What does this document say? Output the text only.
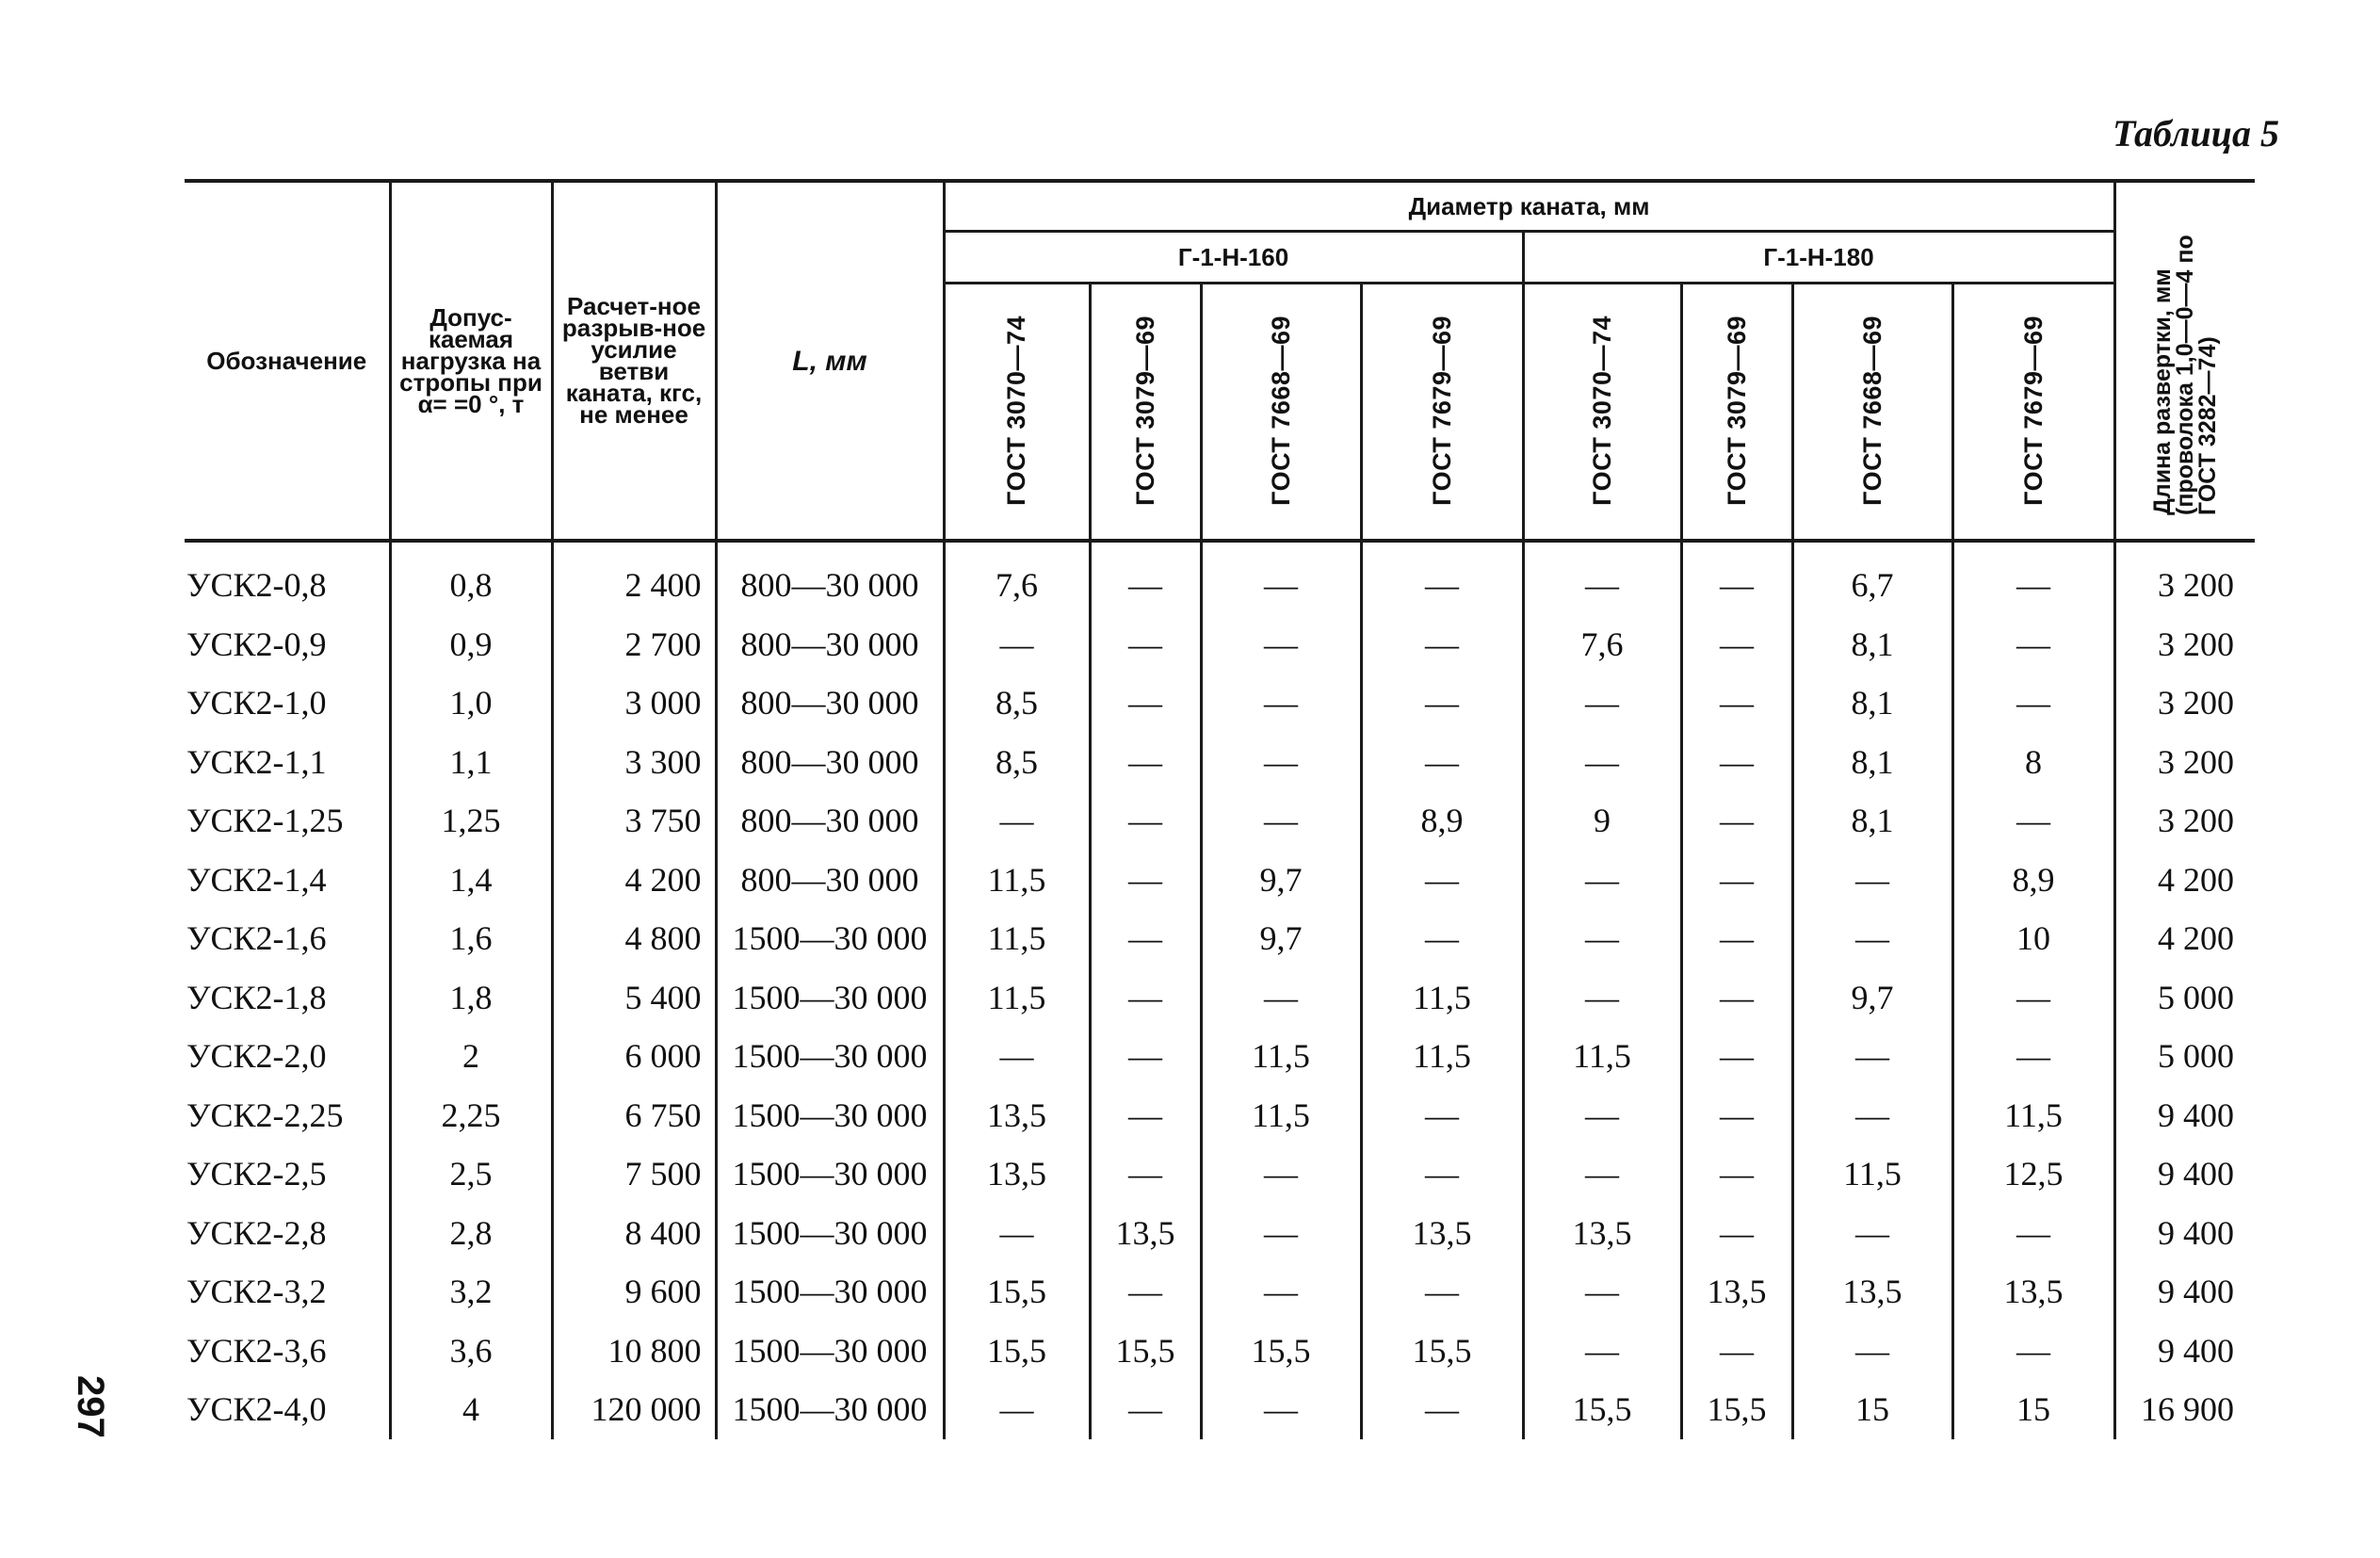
Таблица 5
297
Обозначение	Допус-каемая нагрузка на стропы при α= =0 °, т	Расчет-ное разрыв-ное усилие ветви каната, кгс, не менее	L, мм	Диаметр каната, мм								Длина развертки, мм (проволока 1,0—0—4 по ГОСТ 3282—74)
				Г-1-Н-160				Г-1-Н-180				
				ГОСТ 3070—74	ГОСТ 3079—69	ГОСТ 7668—69	ГОСТ 7679—69	ГОСТ 3070—74	ГОСТ 3079—69	ГОСТ 7668—69	ГОСТ 7679—69	
УСК2-0,8	0,8	2 400	800—30 000	7,6	—	—	—	—	—	6,7	—	3 200
УСК2-0,9	0,9	2 700	800—30 000	—	—	—	—	7,6	—	8,1	—	3 200
УСК2-1,0	1,0	3 000	800—30 000	8,5	—	—	—	—	—	8,1	—	3 200
УСК2-1,1	1,1	3 300	800—30 000	8,5	—	—	—	—	—	8,1	8	3 200
УСК2-1,25	1,25	3 750	800—30 000	—	—	—	8,9	9	—	8,1	—	3 200
УСК2-1,4	1,4	4 200	800—30 000	11,5	—	9,7	—	—	—	—	8,9	4 200
УСК2-1,6	1,6	4 800	1500—30 000	11,5	—	9,7	—	—	—	—	10	4 200
УСК2-1,8	1,8	5 400	1500—30 000	11,5	—	—	11,5	—	—	9,7	—	5 000
УСК2-2,0	2	6 000	1500—30 000	—	—	11,5	11,5	11,5	—	—	—	5 000
УСК2-2,25	2,25	6 750	1500—30 000	13,5	—	11,5	—	—	—	—	11,5	9 400
УСК2-2,5	2,5	7 500	1500—30 000	13,5	—	—	—	—	—	11,5	12,5	9 400
УСК2-2,8	2,8	8 400	1500—30 000	—	13,5	—	13,5	13,5	—	—	—	9 400
УСК2-3,2	3,2	9 600	1500—30 000	15,5	—	—	—	—	13,5	13,5	13,5	9 400
УСК2-3,6	3,6	10 800	1500—30 000	15,5	15,5	15,5	15,5	—	—	—	—	9 400
УСК2-4,0	4	120 000	1500—30 000	—	—	—	—	15,5	15,5	15	15	16 900
